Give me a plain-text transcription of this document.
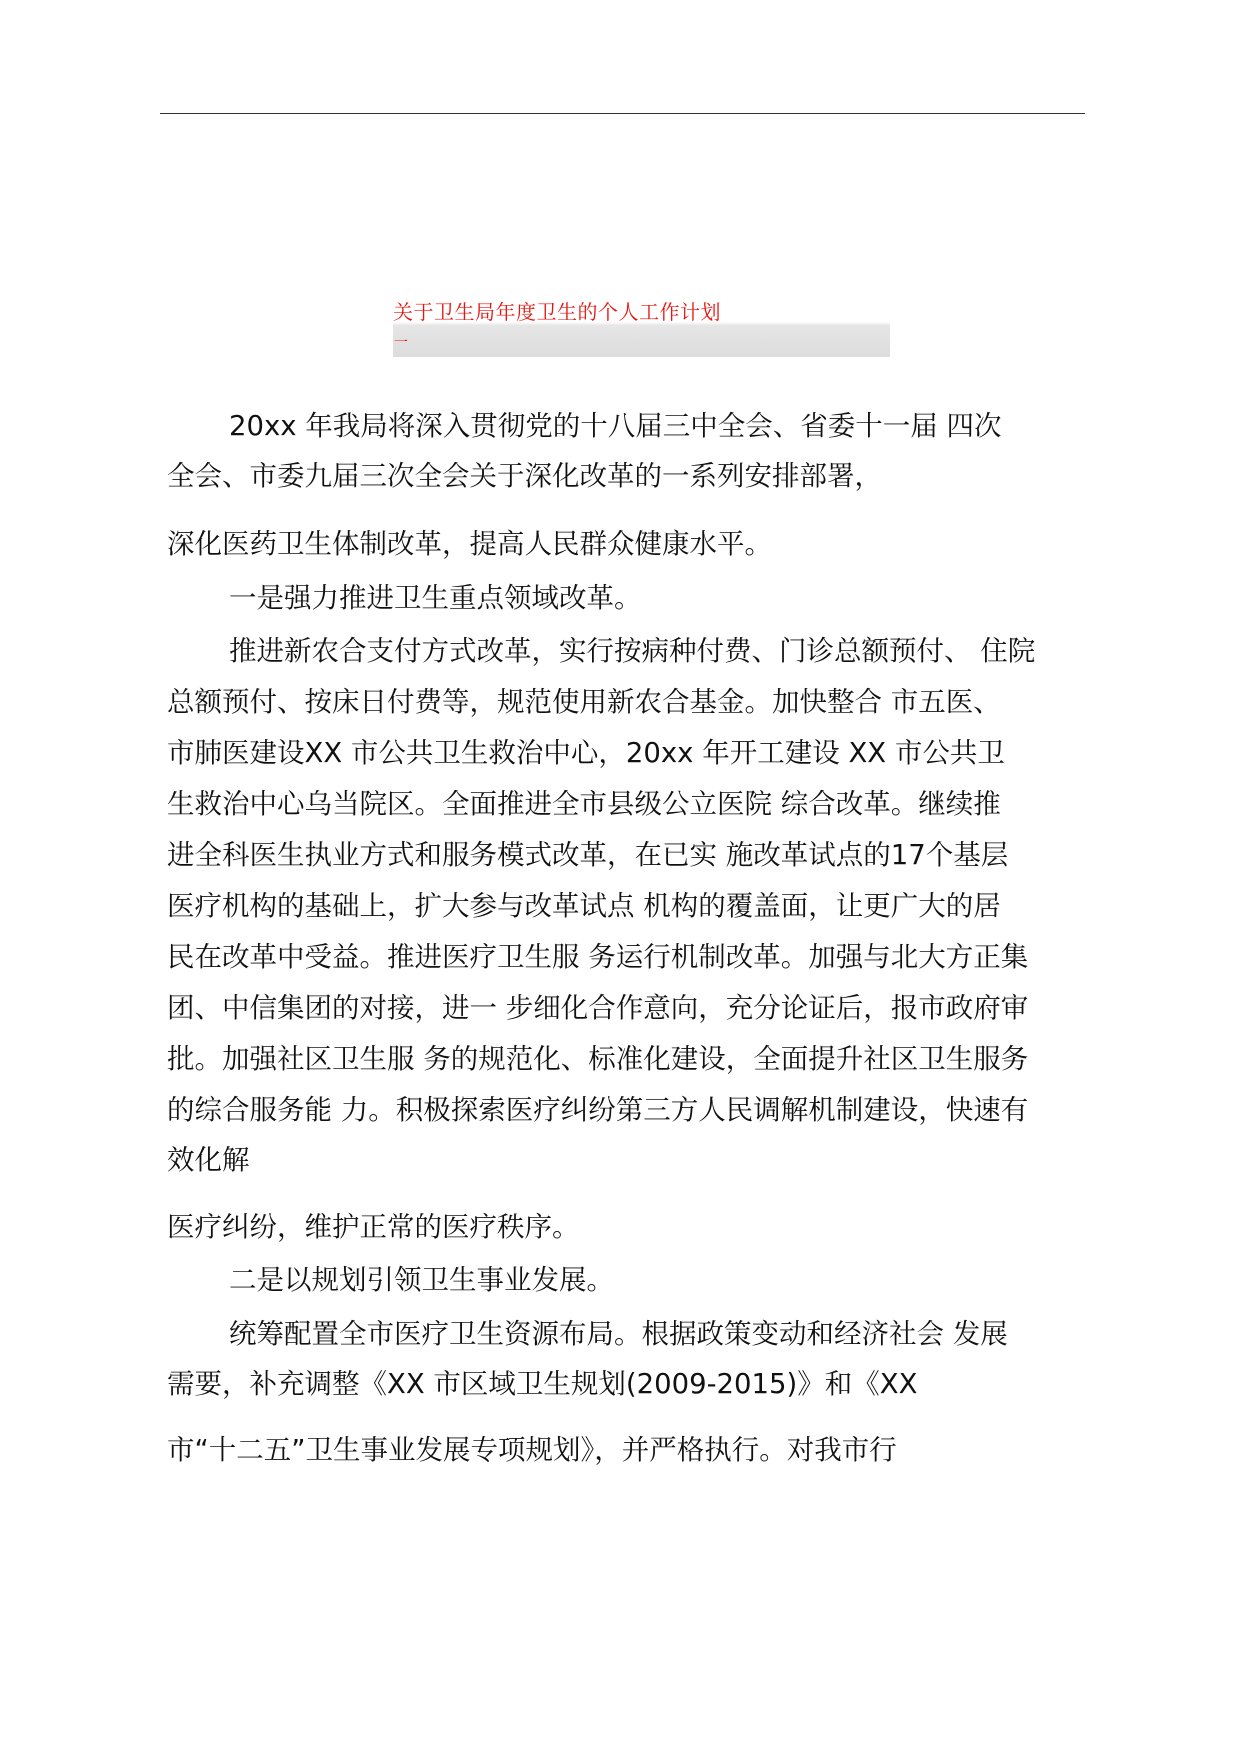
关于卫生局年度卫生的个人工作计划
一
20xx 年我局将深入贯彻党的十八届三中全会、省委十一届 四次
全会、市委九届三次全会关于深化改革的一系列安排部署，
深化医药卫生体制改革，提高人民群众健康水平。
一是强力推进卫生重点领域改革。
推进新农合支付方式改革，实行按病种付费、门诊总额预付、 住院
总额预付、按床日付费等，规范使用新农合基金。加快整合 市五医、
市肺医建设XX 市公共卫生救治中心，20xx 年开工建设 XX 市公共卫
生救治中心乌当院区。全面推进全市县级公立医院 综合改革。继续推
进全科医生执业方式和服务模式改革，在已实 施改革试点的17个基层
医疗机构的基础上，扩大参与改革试点 机构的覆盖面，让更广大的居
民在改革中受益。推进医疗卫生服 务运行机制改革。加强与北大方正集
团、中信集团的对接，进一 步细化合作意向，充分论证后，报市政府审
批。加强社区卫生服 务的规范化、标准化建设，全面提升社区卫生服务
的综合服务能 力。积极探索医疗纠纷第三方人民调解机制建设，快速有
效化解
医疗纠纷，维护正常的医疗秩序。
二是以规划引领卫生事业发展。
统筹配置全市医疗卫生资源布局。根据政策变动和经济社会 发展
需要，补充调整《XX 市区域卫生规划(2009-2015)》和《XX
市“十二五”卫生事业发展专项规划》，并严格执行。对我市行
